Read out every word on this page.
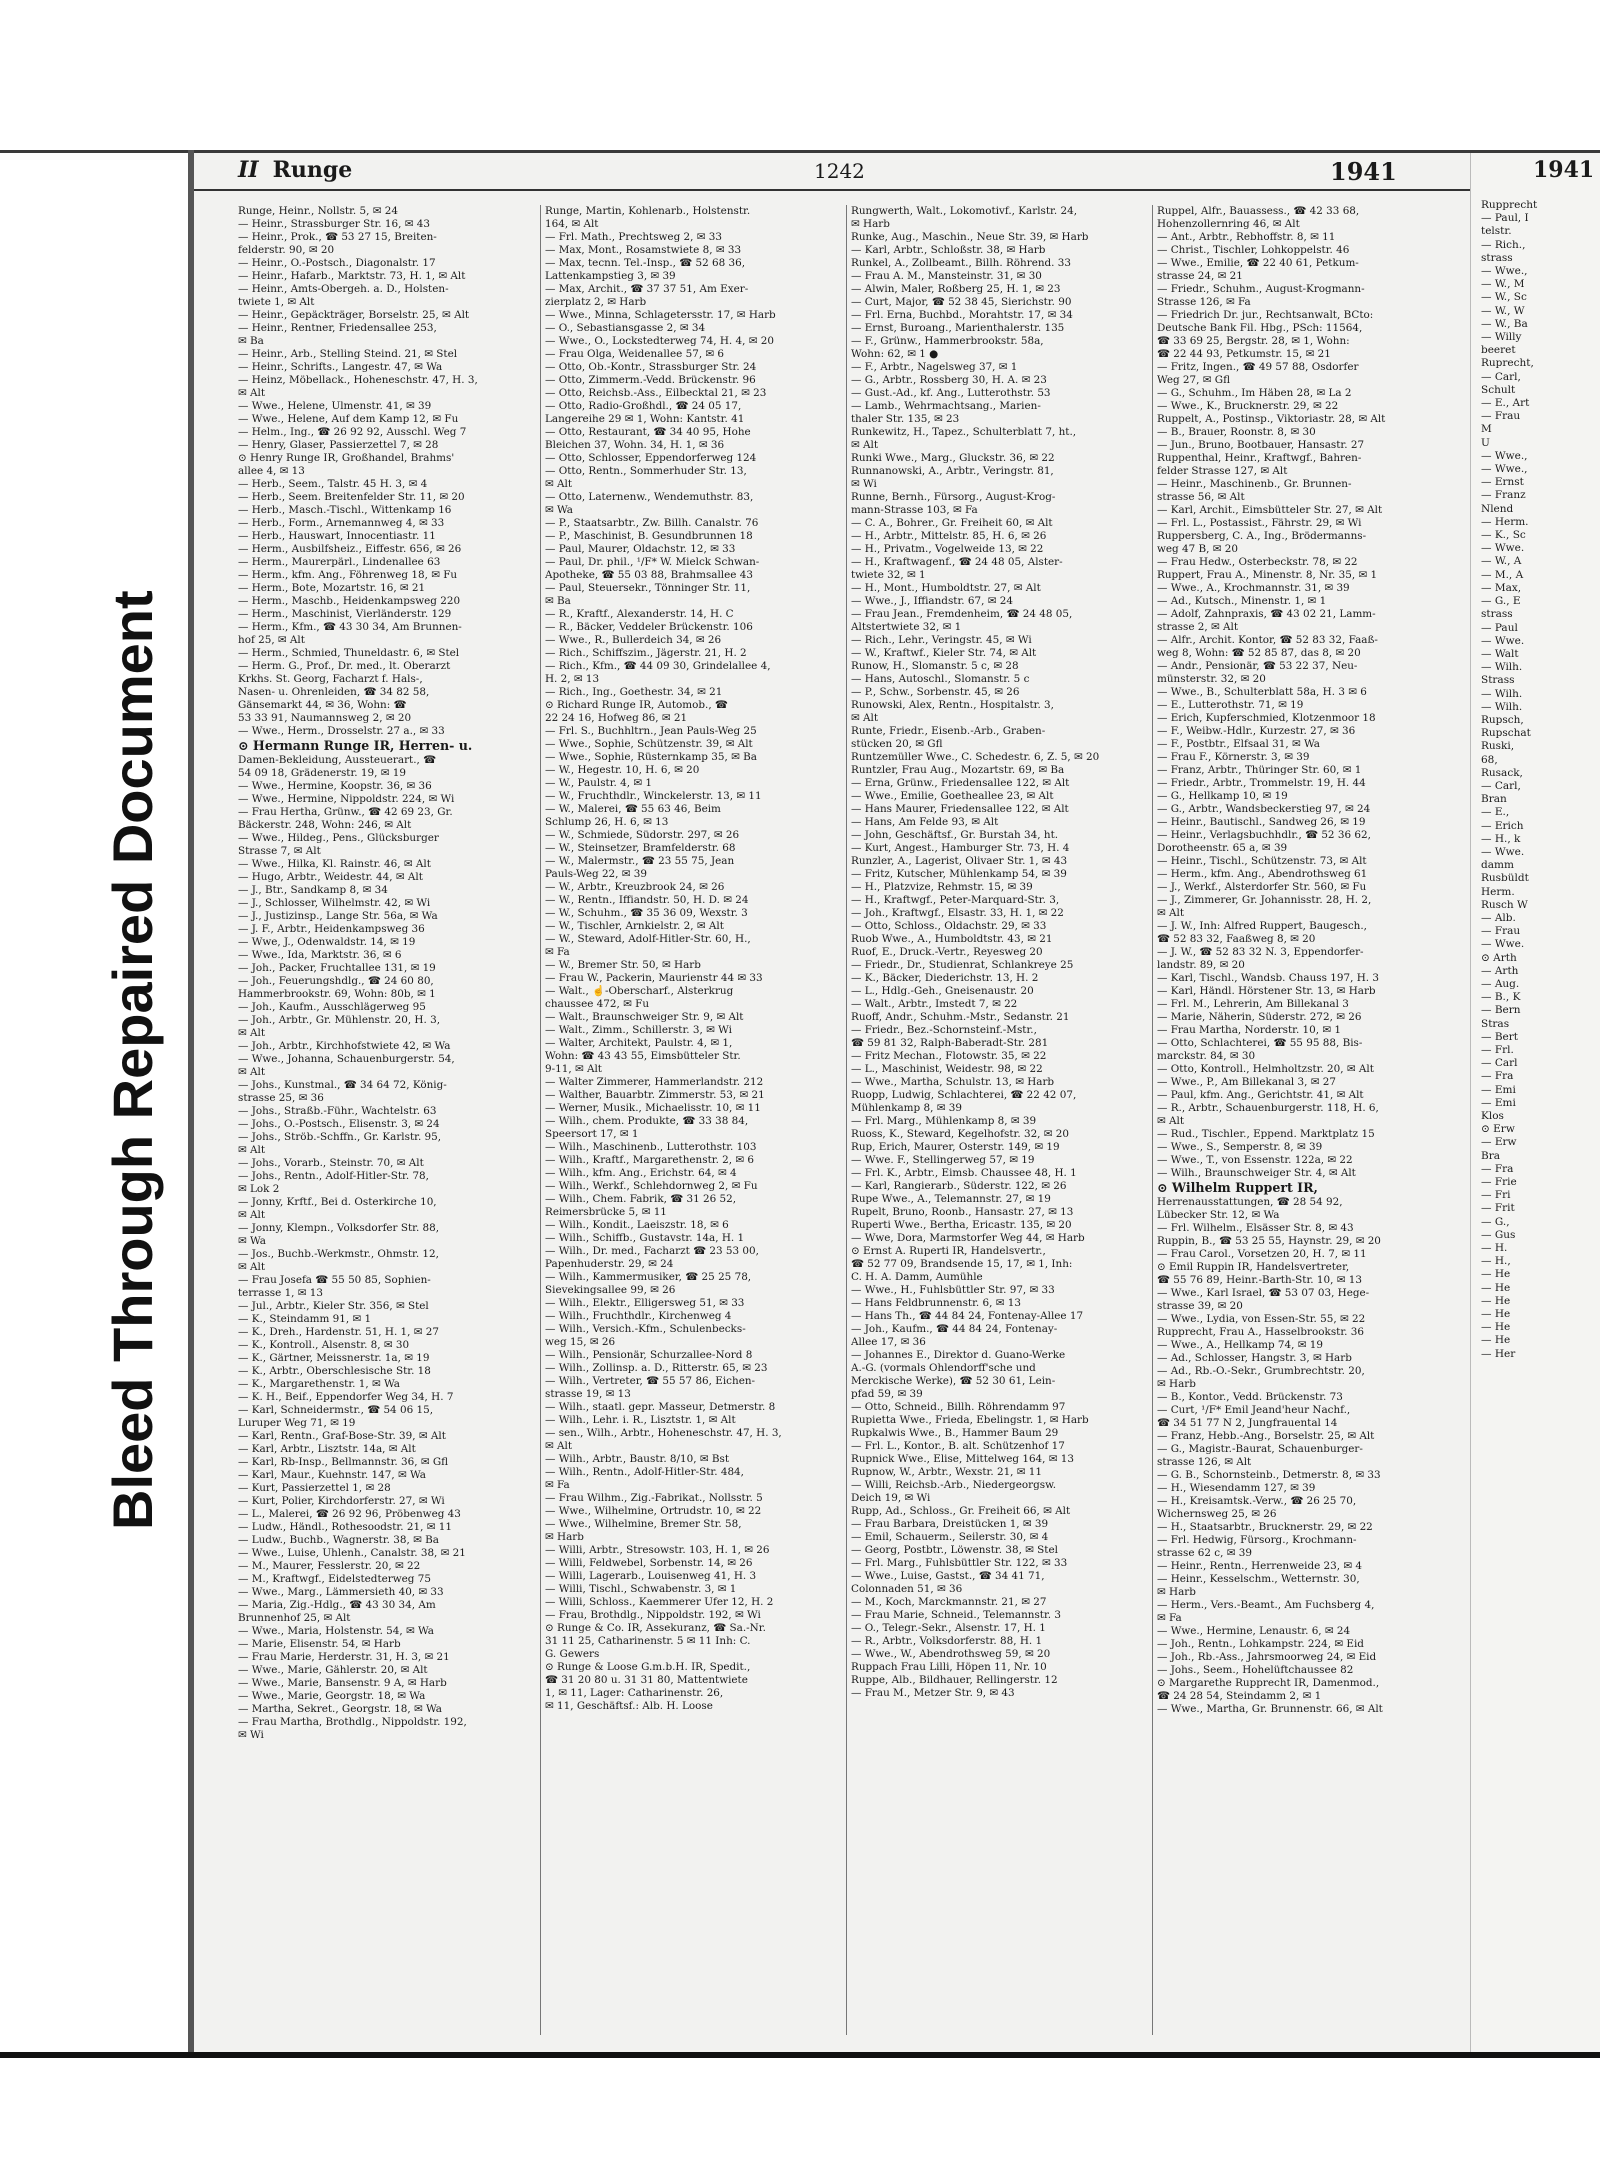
Bleed Through Repaired Document

II Runge	1242	1941
Runge, Heinr., Nollstr. 5, ✉ 24
— Heinr., Strassburger Str. 16, ✉ 43
— Heinr., Prok., ☎ 53 27 15, Breiten-
felderstr. 90, ✉ 20
— Heinr., O.-Postsch., Diagonalstr. 17
— Heinr., Hafarb., Marktstr. 73, H. 1, ✉ Alt
— Heinr., Amts-Obergeh. a. D., Holsten-
twiete 1, ✉ Alt
— Heinr., Gepäckträger, Borselstr. 25, ✉ Alt
— Heinr., Rentner, Friedensallee 253,
✉ Ba
— Heinr., Arb., Stelling Steind. 21, ✉ Stel
— Heinr., Schrifts., Langestr. 47, ✉ Wa
— Heinz, Möbellack., Hoheneschstr. 47, H. 3,
✉ Alt
— Wwe., Helene, Ulmenstr. 41, ✉ 39
— Wwe., Helene, Auf dem Kamp 12, ✉ Fu
— Helm., Ing., ☎ 26 92 92, Ausschl. Weg 7
— Henry, Glaser, Passierzettel 7, ✉ 28
⊙ Henry Runge IR, Großhandel, Brahms'
allee 4, ✉ 13
— Herb., Seem., Talstr. 45 H. 3, ✉ 4
— Herb., Seem. Breitenfelder Str. 11, ✉ 20
— Herb., Masch.-Tischl., Wittenkamp 16
— Herb., Form., Arnemannweg 4, ✉ 33
— Herb., Hauswart, Innocentiastr. 11
— Herm., Ausbilfsheiz., Eiffestr. 656, ✉ 26
— Herm., Maurerpärl., Lindenallee 63
— Herm., kfm. Ang., Föhrenweg 18, ✉ Fu
— Herm., Bote, Mozartstr. 16, ✉ 21
— Herm., Maschb., Heidenkampsweg 220
— Herm., Maschinist, Vierländerstr. 129
— Herm., Kfm., ☎ 43 30 34, Am Brunnen-
hof 25, ✉ Alt
— Herm., Schmied, Thuneldastr. 6, ✉ Stel
— Herm. G., Prof., Dr. med., lt. Oberarzt
Krkhs. St. Georg, Facharzt f. Hals-,
Nasen- u. Ohrenleiden, ☎ 34 82 58,
Gänsemarkt 44, ✉ 36, Wohn: ☎
53 33 91, Naumannsweg 2, ✉ 20
— Wwe., Herm., Drosselstr. 27 a., ✉ 33
⊙ Hermann Runge IR, Herren- u.
Damen-Bekleidung, Aussteuerart., ☎
54 09 18, Grädenerstr. 19, ✉ 19
— Wwe., Hermine, Koopstr. 36, ✉ 36
— Wwe., Hermine, Nippoldstr. 224, ✉ Wi
— Frau Hertha, Grünw., ☎ 42 69 23, Gr.
Bäckerstr. 248, Wohn: 246, ✉ Alt
— Wwe., Hildeg., Pens., Glücksburger
Strasse 7, ✉ Alt
— Wwe., Hilka, Kl. Rainstr. 46, ✉ Alt
— Hugo, Arbtr., Weidestr. 44, ✉ Alt
— J., Btr., Sandkamp 8, ✉ 34
— J., Schlosser, Wilhelmstr. 42, ✉ Wi
— J., Justizinsp., Lange Str. 56a, ✉ Wa
— J. F., Arbtr., Heidenkampsweg 36
— Wwe, J., Odenwaldstr. 14, ✉ 19
— Wwe., Ida, Marktstr. 36, ✉ 6
— Joh., Packer, Fruchtallee 131, ✉ 19
— Joh., Feuerungshdlg., ☎ 24 60 80,
Hammerbrookstr. 69, Wohn: 80b, ✉ 1
— Joh., Kaufm., Ausschlägerweg 95
— Joh., Arbtr., Gr. Mühlenstr. 20, H. 3,
✉ Alt
— Joh., Arbtr., Kirchhofstwiete 42, ✉ Wa
— Wwe., Johanna, Schauenburgerstr. 54,
✉ Alt
— Johs., Kunstmal., ☎ 34 64 72, König-
strasse 25, ✉ 36
— Johs., Straßb.-Führ., Wachtelstr. 63
— Johs., O.-Postsch., Elisenstr. 3, ✉ 24
— Johs., Ströb.-Schffn., Gr. Karlstr. 95,
✉ Alt
— Johs., Vorarb., Steinstr. 70, ✉ Alt
— Johs., Rentn., Adolf-Hitler-Str. 78,
✉ Lok 2
— Jonny, Krftf., Bei d. Osterkirche 10,
✉ Alt
— Jonny, Klempn., Volksdorfer Str. 88,
✉ Wa
— Jos., Buchb.-Werkmstr., Ohmstr. 12,
✉ Alt
— Frau Josefa ☎ 55 50 85, Sophien-
terrasse 1, ✉ 13
— Jul., Arbtr., Kieler Str. 356, ✉ Stel
— K., Steindamm 91, ✉ 1
— K., Dreh., Hardenstr. 51, H. 1, ✉ 27
— K., Kontroll., Alsenstr. 8, ✉ 30
— K., Gärtner, Meissnerstr. 1a, ✉ 19
— K., Arbtr., Oberschlesische Str. 18
— K., Margarethenstr. 1, ✉ Wa
— K. H., Beif., Eppendorfer Weg 34, H. 7
— Karl, Schneidermstr., ☎ 54 06 15,
Luruper Weg 71, ✉ 19
— Karl, Rentn., Graf-Bose-Str. 39, ✉ Alt
— Karl, Arbtr., Lisztstr. 14a, ✉ Alt
— Karl, Rb-Insp., Bellmannstr. 36, ✉ Gfl
— Karl, Maur., Kuehnstr. 147, ✉ Wa
— Kurt, Passierzettel 1, ✉ 28
— Kurt, Polier, Kirchdorferstr. 27, ✉ Wi
— L., Malerei, ☎ 26 92 96, Pröbenweg 43
— Ludw., Händl., Rothesoodstr. 21, ✉ 11
— Ludw., Buchb., Wagnerstr. 38, ✉ Ba
— Wwe., Luise, Uhlenh., Canalstr. 38, ✉ 21
— M., Maurer, Fesslerstr. 20, ✉ 22
— M., Kraftwgf., Eidelstedterweg 75
— Wwe., Marg., Lämmersieth 40, ✉ 33
— Maria, Zig.-Hdlg., ☎ 43 30 34, Am
Brunnenhof 25, ✉ Alt
— Wwe., Maria, Holstenstr. 54, ✉ Wa
— Marie, Elisenstr. 54, ✉ Harb
— Frau Marie, Herderstr. 31, H. 3, ✉ 21
— Wwe., Marie, Gählerstr. 20, ✉ Alt
— Wwe., Marie, Bansenstr. 9 A, ✉ Harb
— Wwe., Marie, Georgstr. 18, ✉ Wa
— Martha, Sekret., Georgstr. 18, ✉ Wa
— Frau Martha, Brothdlg., Nippoldstr. 192,
✉ Wi
Runge, Martin, Kohlenarb., Holstenstr.
164, ✉ Alt
— Frl. Math., Prechtsweg 2, ✉ 33
— Max, Mont., Rosamstwiete 8, ✉ 33
— Max, tecnn. Tel.-Insp., ☎ 52 68 36,
Lattenkampstieg 3, ✉ 39
— Max, Archit., ☎ 37 37 51, Am Exer-
zierplatz 2, ✉ Harb
— Wwe., Minna, Schlagetersstr. 17, ✉ Harb
— O., Sebastiansgasse 2, ✉ 34
— Wwe., O., Lockstedterweg 74, H. 4, ✉ 20
— Frau Olga, Weidenallee 57, ✉ 6
— Otto, Ob.-Kontr., Strassburger Str. 24
— Otto, Zimmerm.-Vedd. Brückenstr. 96
— Otto, Reichsb.-Ass., Eilbecktal 21, ✉ 23
— Otto, Radio-Großhdl., ☎ 24 05 17,
Langereihe 29 ✉ 1, Wohn: Kantstr. 41
— Otto, Restaurant, ☎ 34 40 95, Hohe
Bleichen 37, Wohn. 34, H. 1, ✉ 36
— Otto, Schlosser, Eppendorferweg 124
— Otto, Rentn., Sommerhuder Str. 13,
✉ Alt
— Otto, Laternenw., Wendemuthstr. 83,
✉ Wa
— P., Staatsarbtr., Zw. Billh. Canalstr. 76
— P., Maschinist, B. Gesundbrunnen 18
— Paul, Maurer, Oldachstr. 12, ✉ 33
— Paul, Dr. phil., ¹/F* W. Mielck Schwan-
Apotheke, ☎ 55 03 88, Brahmsallee 43
— Paul, Steuersekr., Tönninger Str. 11,
✉ Ba
— R., Kraftf., Alexanderstr. 14, H. C
— R., Bäcker, Veddeler Brückenstr. 106
— Wwe., R., Bullerdeich 34, ✉ 26
— Rich., Schiffszim., Jägerstr. 21, H. 2
— Rich., Kfm., ☎ 44 09 30, Grindelallee 4,
H. 2, ✉ 13
— Rich., Ing., Goethestr. 34, ✉ 21
⊙ Richard Runge IR, Automob., ☎
22 24 16, Hofweg 86, ✉ 21
— Frl. S., Buchhltrn., Jean Pauls-Weg 25
— Wwe., Sophie, Schützenstr. 39, ✉ Alt
— Wwe., Sophie, Rüsternkamp 35, ✉ Ba
— W., Hegestr. 10, H. 6, ✉ 20
— W., Paulstr. 4, ✉ 1
— W., Fruchthdlr., Winckelerstr. 13, ✉ 11
— W., Malerei, ☎ 55 63 46, Beim
Schlump 26, H. 6, ✉ 13
— W., Schmiede, Südorstr. 297, ✉ 26
— W., Steinsetzer, Bramfelderstr. 68
— W., Malermstr., ☎ 23 55 75, Jean
Pauls-Weg 22, ✉ 39
— W., Arbtr., Kreuzbrook 24, ✉ 26
— W., Rentn., Iffiandstr. 50, H. D. ✉ 24
— W., Schuhm., ☎ 35 36 09, Wexstr. 3
— W., Tischler, Arnkielstr. 2, ✉ Alt
— W., Steward, Adolf-Hitler-Str. 60, H.,
✉ Fa
— W., Bremer Str. 50, ✉ Harb
— Frau W., Packerin, Maurienstr 44 ✉ 33
— Walt., ☝-Oberscharf., Alsterkrug
chaussee 472, ✉ Fu
— Walt., Braunschweiger Str. 9, ✉ Alt
— Walt., Zimm., Schillerstr. 3, ✉ Wi
— Walter, Architekt, Paulstr. 4, ✉ 1,
Wohn: ☎ 43 43 55, Eimsbütteler Str.
9-11, ✉ Alt
— Walter Zimmerer, Hammerlandstr. 212
— Walther, Bauarbtr. Zimmerstr. 53, ✉ 21
— Werner, Musik., Michaelisstr. 10, ✉ 11
— Wilh., chem. Produkte, ☎ 33 38 84,
Speersort 17, ✉ 1
— Wilh., Maschinenb., Lutterothstr. 103
— Wilh., Kraftf., Margarethenstr. 2, ✉ 6
— Wilh., kfm. Ang., Erichstr. 64, ✉ 4
— Wilh., Werkf., Schlehdornweg 2, ✉ Fu
— Wilh., Chem. Fabrik, ☎ 31 26 52,
Reimersbrücke 5, ✉ 11
— Wilh., Kondit., Laeiszstr. 18, ✉ 6
— Wilh., Schiffb., Gustavstr. 14a, H. 1
— Wilh., Dr. med., Facharzt ☎ 23 53 00,
Papenhuderstr. 29, ✉ 24
— Wilh., Kammermusiker, ☎ 25 25 78,
Sievekingsallee 99, ✉ 26
— Wilh., Elektr., Elligersweg 51, ✉ 33
— Wilh., Fruchthdlr., Kirchenweg 4
— Wilh., Versich.-Kfm., Schulenbecks-
weg 15, ✉ 26
— Wilh., Pensionär, Schurzallee-Nord 8
— Wilh., Zollinsp. a. D., Ritterstr. 65, ✉ 23
— Wilh., Vertreter, ☎ 55 57 86, Eichen-
strasse 19, ✉ 13
— Wilh., staatl. gepr. Masseur, Detmerstr. 8
— Wilh., Lehr. i. R., Lisztstr. 1, ✉ Alt
— sen., Wilh., Arbtr., Hoheneschstr. 47, H. 3,
✉ Alt
— Wilh., Arbtr., Baustr. 8/10, ✉ Bst
— Wilh., Rentn., Adolf-Hitler-Str. 484,
✉ Fa
— Frau Wilhm., Zig.-Fabrikat., Nollsstr. 5
— Wwe., Wilhelmine, Ortrudstr. 10, ✉ 22
— Wwe., Wilhelmine, Bremer Str. 58,
✉ Harb
— Willi, Arbtr., Stresowstr. 103, H. 1, ✉ 26
— Willi, Feldwebel, Sorbenstr. 14, ✉ 26
— Willi, Lagerarb., Louisenweg 41, H. 3
— Willi, Tischl., Schwabenstr. 3, ✉ 1
— Willi, Schloss., Kaemmerer Ufer 12, H. 2
— Frau, Brothdlg., Nippoldstr. 192, ✉ Wi
⊙ Runge & Co. IR, Assekuranz, ☎ Sa.-Nr.
31 11 25, Catharinenstr. 5 ✉ 11 Inh: C.
G. Gewers
⊙ Runge & Loose G.m.b.H. IR, Spedit.,
☎ 31 20 80 u. 31 31 80, Mattentwiete
1, ✉ 11, Lager: Catharinenstr. 26,
✉ 11, Geschäftsf.: Alb. H. Loose
Rungwerth, Walt., Lokomotivf., Karlstr. 24,
✉ Harb
Runke, Aug., Maschin., Neue Str. 39, ✉ Harb
— Karl, Arbtr., Schloßstr. 38, ✉ Harb
Runkel, A., Zollbeamt., Billh. Röhrend. 33
— Frau A. M., Mansteinstr. 31, ✉ 30
— Alwin, Maler, Roßberg 25, H. 1, ✉ 23
— Curt, Major, ☎ 52 38 45, Sierichstr. 90
— Frl. Erna, Buchbd., Morahtstr. 17, ✉ 34
— Ernst, Buroang., Marienthalerstr. 135
— F., Grünw., Hammerbrookstr. 58a,
Wohn: 62, ✉ 1 ●
— F., Arbtr., Nagelsweg 37, ✉ 1
— G., Arbtr., Rossberg 30, H. A. ✉ 23
— Gust.-Ad., kf. Ang., Lutterothstr. 53
— Lamb., Wehrmachtsang., Marien-
thaler Str. 135, ✉ 23
Runkewitz, H., Tapez., Schulterblatt 7, ht.,
✉ Alt
Runki Wwe., Marg., Gluckstr. 36, ✉ 22
Runnanowski, A., Arbtr., Veringstr. 81,
✉ Wi
Runne, Bernh., Fürsorg., August-Krog-
mann-Strasse 103, ✉ Fa
— C. A., Bohrer., Gr. Freiheit 60, ✉ Alt
— H., Arbtr., Mittelstr. 85, H. 6, ✉ 26
— H., Privatm., Vogelweide 13, ✉ 22
— H., Kraftwagenf., ☎ 24 48 05, Alster-
twiete 32, ✉ 1
— H., Mont., Humboldtstr. 27, ✉ Alt
— Wwe., J., Iffiandstr. 67, ✉ 24
— Frau Jean., Fremdenheim, ☎ 24 48 05,
Altstertwiete 32, ✉ 1
— Rich., Lehr., Veringstr. 45, ✉ Wi
— W., Kraftwf., Kieler Str. 74, ✉ Alt
Runow, H., Slomanstr. 5 c, ✉ 28
— Hans, Autoschl., Slomanstr. 5 c
— P., Schw., Sorbenstr. 45, ✉ 26
Runowski, Alex, Rentn., Hospitalstr. 3,
✉ Alt
Runte, Friedr., Eisenb.-Arb., Graben-
stücken 20, ✉ Gfl
Runtzemüller Wwe., C. Schedestr. 6, Z. 5, ✉ 20
Runtzler, Frau Aug., Mozartstr. 69, ✉ Ba
— Erna, Grünw., Friedensallee 122, ✉ Alt
— Wwe., Emilie, Goetheallee 23, ✉ Alt
— Hans Maurer, Friedensallee 122, ✉ Alt
— Hans, Am Felde 93, ✉ Alt
— John, Geschäftsf., Gr. Burstah 34, ht.
— Kurt, Angest., Hamburger Str. 73, H. 4
Runzler, A., Lagerist, Olivaer Str. 1, ✉ 43
— Fritz, Kutscher, Mühlenkamp 54, ✉ 39
— H., Platzvize, Rehmstr. 15, ✉ 39
— H., Kraftwgf., Peter-Marquard-Str. 3,
— Joh., Kraftwgf., Elsastr. 33, H. 1, ✉ 22
— Otto, Schloss., Oldachstr. 29, ✉ 33
Ruob Wwe., A., Humboldtstr. 43, ✉ 21
Ruof, E., Druck.-Vertr., Reyesweg 20
— Friedr., Dr., Studienrat, Schlankreye 25
— K., Bäcker, Diederichstr. 13, H. 2
— L., Hdlg.-Geh., Gneisenaustr. 20
— Walt., Arbtr., Imstedt 7, ✉ 22
Ruoff, Andr., Schuhm.-Mstr., Sedanstr. 21
— Friedr., Bez.-Schornsteinf.-Mstr.,
☎ 59 81 32, Ralph-Baberadt-Str. 281
— Fritz Mechan., Flotowstr. 35, ✉ 22
— L., Maschinist, Weidestr. 98, ✉ 22
— Wwe., Martha, Schulstr. 13, ✉ Harb
Ruopp, Ludwig, Schlachterei, ☎ 22 42 07,
Mühlenkamp 8, ✉ 39
— Frl. Marg., Mühlenkamp 8, ✉ 39
Ruoss, K., Steward, Kegelhofstr. 32, ✉ 20
Rup, Erich, Maurer, Osterstr. 149, ✉ 19
— Wwe. F., Stellingerweg 57, ✉ 19
— Frl. K., Arbtr., Eimsb. Chaussee 48, H. 1
— Karl, Rangierarb., Süderstr. 122, ✉ 26
Rupe Wwe., A., Telemannstr. 27, ✉ 19
Rupelt, Bruno, Roonb., Hansastr. 27, ✉ 13
Ruperti Wwe., Bertha, Ericastr. 135, ✉ 20
— Wwe, Dora, Marmstorfer Weg 44, ✉ Harb
⊙ Ernst A. Ruperti IR, Handelsvertr.,
☎ 52 77 09, Brandsende 15, 17, ✉ 1, Inh:
C. H. A. Damm, Aumühle
— Wwe., H., Fuhlsbüttler Str. 97, ✉ 33
— Hans Feldbrunnenstr. 6, ✉ 13
— Hans Th., ☎ 44 84 24, Fontenay-Allee 17
— Joh., Kaufm., ☎ 44 84 24, Fontenay-
Allee 17, ✉ 36
— Johannes E., Direktor d. Guano-Werke
A.-G. (vormals Ohlendorff'sche und
Merckische Werke), ☎ 52 30 61, Lein-
pfad 59, ✉ 39
— Otto, Schneid., Billh. Röhrendamm 97
Rupietta Wwe., Frieda, Ebelingstr. 1, ✉ Harb
Rupkalwis Wwe., B., Hammer Baum 29
— Frl. L., Kontor., B. alt. Schützenhof 17
Rupnick Wwe., Elise, Mittelweg 164, ✉ 13
Rupnow, W., Arbtr., Wexstr. 21, ✉ 11
— Willi, Reichsb.-Arb., Niedergeorgsw.
Deich 19, ✉ Wi
Rupp, Ad., Schloss., Gr. Freiheit 66, ✉ Alt
— Frau Barbara, Dreistücken 1, ✉ 39
— Emil, Schauerm., Seilerstr. 30, ✉ 4
— Georg, Postbtr., Löwenstr. 38, ✉ Stel
— Frl. Marg., Fuhlsbüttler Str. 122, ✉ 33
— Wwe., Luise, Gastst., ☎ 34 41 71,
Colonnaden 51, ✉ 36
— M., Koch, Marckmannstr. 21, ✉ 27
— Frau Marie, Schneid., Telemannstr. 3
— O., Telegr.-Sekr., Alsenstr. 17, H. 1
— R., Arbtr., Volksdorferstr. 88, H. 1
— Wwe., W., Abendrothsweg 59, ✉ 20
Ruppach Frau Lilli, Höpen 11, Nr. 10
Ruppe, Alb., Bildhauer, Rellingerstr. 12
— Frau M., Metzer Str. 9, ✉ 43
Ruppel, Alfr., Bauassess., ☎ 42 33 68,
Hohenzollernring 46, ✉ Alt
— Ant., Arbtr., Rebhoffstr. 8, ✉ 11
— Christ., Tischler, Lohkoppelstr. 46
— Wwe., Emilie, ☎ 22 40 61, Petkum-
strasse 24, ✉ 21
— Friedr., Schuhm., August-Krogmann-
Strasse 126, ✉ Fa
— Friedrich Dr. jur., Rechtsanwalt, BCto:
Deutsche Bank Fil. Hbg., PSch: 11564,
☎ 33 69 25, Bergstr. 28, ✉ 1, Wohn:
☎ 22 44 93, Petkumstr. 15, ✉ 21
— Fritz, Ingen., ☎ 49 57 88, Osdorfer
Weg 27, ✉ Gfl
— G., Schuhm., Im Häben 28, ✉ La 2
— Wwe., K., Brucknerstr. 29, ✉ 22
Ruppelt, A., Postinsp., Viktoriastr. 28, ✉ Alt
— B., Brauer, Roonstr. 8, ✉ 30
— Jun., Bruno, Bootbauer, Hansastr. 27
Ruppenthal, Heinr., Kraftwgf., Bahren-
felder Strasse 127, ✉ Alt
— Heinr., Maschinenb., Gr. Brunnen-
strasse 56, ✉ Alt
— Karl, Archit., Eimsbütteler Str. 27, ✉ Alt
— Frl. L., Postassist., Fährstr. 29, ✉ Wi
Ruppersberg, C. A., Ing., Brödermanns-
weg 47 B, ✉ 20
— Frau Hedw., Osterbeckstr. 78, ✉ 22
Ruppert, Frau A., Minenstr. 8, Nr. 35, ✉ 1
— Wwe., A., Krochmannstr. 31, ✉ 39
— Ad., Kutsch., Minenstr. 1, ✉ 1
— Adolf, Zahnpraxis, ☎ 43 02 21, Lamm-
strasse 2, ✉ Alt
— Alfr., Archit. Kontor, ☎ 52 83 32, Faaß-
weg 8, Wohn: ☎ 52 85 87, das 8, ✉ 20
— Andr., Pensionär, ☎ 53 22 37, Neu-
münsterstr. 32, ✉ 20
— Wwe., B., Schulterblatt 58a, H. 3 ✉ 6
— E., Lutterothstr. 71, ✉ 19
— Erich, Kupferschmied, Klotzenmoor 18
— F., Weibw.-Hdlr., Kurzestr. 27, ✉ 36
— F., Postbtr., Elfsaal 31, ✉ Wa
— Frau F., Körnerstr. 3, ✉ 39
— Franz, Arbtr., Thüringer Str. 60, ✉ 1
— Friedr., Arbtr., Trommelstr. 19, H. 44
— G., Hellkamp 10, ✉ 19
— G., Arbtr., Wandsbeckerstieg 97, ✉ 24
— Heinr., Bautischl., Sandweg 26, ✉ 19
— Heinr., Verlagsbuchhdlr., ☎ 52 36 62,
Dorotheenstr. 65 a, ✉ 39
— Heinr., Tischl., Schützenstr. 73, ✉ Alt
— Herm., kfm. Ang., Abendrothsweg 61
— J., Werkf., Alsterdorfer Str. 560, ✉ Fu
— J., Zimmerer, Gr. Johannisstr. 28, H. 2,
✉ Alt
— J. W., Inh: Alfred Ruppert, Baugesch.,
☎ 52 83 32, Faaßweg 8, ✉ 20
— J. W., ☎ 52 83 32 N. 3, Eppendorfer-
landstr. 89, ✉ 20
— Karl, Tischl., Wandsb. Chauss 197, H. 3
— Karl, Händl. Hörstener Str. 13, ✉ Harb
— Frl. M., Lehrerin, Am Billekanal 3
— Marie, Näherin, Süderstr. 272, ✉ 26
— Frau Martha, Norderstr. 10, ✉ 1
— Otto, Schlachterei, ☎ 55 95 88, Bis-
marckstr. 84, ✉ 30
— Otto, Kontroll., Helmholtzstr. 20, ✉ Alt
— Wwe., P., Am Billekanal 3, ✉ 27
— Paul, kfm. Ang., Gerichtstr. 41, ✉ Alt
— R., Arbtr., Schauenburgerstr. 118, H. 6,
✉ Alt
— Rud., Tischler., Eppend. Marktplatz 15
— Wwe., S., Semperstr. 8, ✉ 39
— Wwe., T., von Essenstr. 122a, ✉ 22
— Wilh., Braunschweiger Str. 4, ✉ Alt
⊙ Wilhelm Ruppert IR,
Herrenausstattungen, ☎ 28 54 92,
Lübecker Str. 12, ✉ Wa
— Frl. Wilhelm., Elsässer Str. 8, ✉ 43
Ruppin, B., ☎ 53 25 55, Haynstr. 29, ✉ 20
— Frau Carol., Vorsetzen 20, H. 7, ✉ 11
⊙ Emil Ruppin IR, Handelsvertreter,
☎ 55 76 89, Heinr.-Barth-Str. 10, ✉ 13
— Wwe., Karl Israel, ☎ 53 07 03, Hege-
strasse 39, ✉ 20
— Wwe., Lydia, von Essen-Str. 55, ✉ 22
Rupprecht, Frau A., Hasselbrookstr. 36
— Wwe., A., Hellkamp 74, ✉ 19
— Ad., Schlosser, Hangstr. 3, ✉ Harb
— Ad., Rb.-O.-Sekr., Grumbrechtstr. 20,
✉ Harb
— B., Kontor., Vedd. Brückenstr. 73
— Curt, ¹/F* Emil Jeand'heur Nachf.,
☎ 34 51 77 N 2, Jungfrauental 14
— Franz, Hebb.-Ang., Borselstr. 25, ✉ Alt
— G., Magistr.-Baurat, Schauenburger-
strasse 126, ✉ Alt
— G. B., Schornsteinb., Detmerstr. 8, ✉ 33
— H., Wiesendamm 127, ✉ 39
— H., Kreisamtsk.-Verw., ☎ 26 25 70,
Wichernsweg 25, ✉ 26
— H., Staatsarbtr., Brucknerstr. 29, ✉ 22
— Frl. Hedwig, Fürsorg., Krochmann-
strasse 62 c, ✉ 39
— Heinr., Rentn., Herrenweide 23, ✉ 4
— Heinr., Kesselschm., Wetternstr. 30,
✉ Harb
— Herm., Vers.-Beamt., Am Fuchsberg 4,
✉ Fa
— Wwe., Hermine, Lenaustr. 6, ✉ 24
— Joh., Rentn., Lohkampstr. 224, ✉ Eid
— Joh., Rb.-Ass., Jahrsmoorweg 24, ✉ Eid
— Johs., Seem., Hohelüftchaussee 82
⊙ Margarethe Rupprecht IR, Damenmod.,
☎ 24 28 54, Steindamm 2, ✉ 1
— Wwe., Martha, Gr. Brunnenstr. 66, ✉ Alt
1941
Rupprecht
— Paul, I
telstr.
— Rich.,
strass
— Wwe.,
— W., M
— W., Sc
— W., W
— W., Ba
— Willy
beeret
Ruprecht,
— Carl,
Schult
— E., Art
— Frau
M
U
— Wwe.,
— Wwe.,
— Ernst
— Franz
Nlend
— Herm.
— K., Sc
— Wwe.
— W., A
— M., A
— Max,
— G., E
strass
— Paul
— Wwe.
— Walt
— Wilh.
Strass
— Wilh.
— Wilh.
Rupsch,
Rupschat
Ruski,
68,
Rusack,
— Carl,
Bran
— E.,
— Erich
— H., k
— Wwe.
damm
Rusbüldt
Herm.
Rusch W
— Alb.
— Frau
— Wwe.
⊙ Arth
— Arth
— Aug.
— B., K
— Bern
Stras
— Bert
— Frl.
— Carl
— Fra
— Emi
— Emi
Klos
⊙ Erw
— Erw
Bra
— Fra
— Frie
— Fri
— Frit
— G.,
— Gus
— H.
— H.,
— He
— He
— He
— He
— He
— He
— Her
